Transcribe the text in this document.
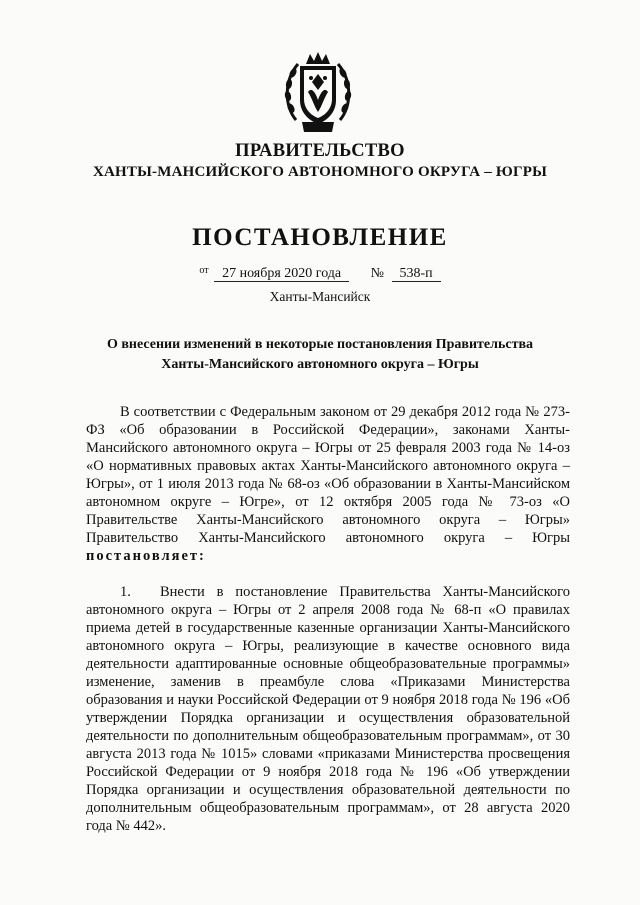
ПРАВИТЕЛЬСТВО
ХАНТЫ-МАНСИЙСКОГО АВТОНОМНОГО ОКРУГА – ЮГРЫ
ПОСТАНОВЛЕНИЕ
$^{от}$ 27 ноября 2020 года № 538-п
Ханты-Мансийск
О внесении изменений в некоторые постановления Правительства
Ханты-Мансийского автономного округа – Югры

В соответствии с Федеральным законом от 29 декабря 2012 года № 273-ФЗ «Об образовании в Российской Федерации», законами Ханты-Мансийского автономного округа – Югры от 25 февраля 2003 года № 14-оз «О нормативных правовых актах Ханты-Мансийского автономного округа – Югры», от 1 июля 2013 года № 68-оз «Об образовании в Ханты-Мансийском автономном округе – Югре», от 12 октября 2005 года № 73-оз «О Правительстве Ханты-Мансийского автономного округа – Югры» Правительство Ханты-Мансийского автономного округа – Югры постановляет:

1. Внести в постановление Правительства Ханты-Мансийского автономного округа – Югры от 2 апреля 2008 года № 68-п «О правилах приема детей в государственные казенные организации Ханты-Мансийского автономного округа – Югры, реализующие в качестве основного вида деятельности адаптированные основные общеобразовательные программы» изменение, заменив в преамбуле слова «Приказами Министерства образования и науки Российской Федерации от 9 ноября 2018 года № 196 «Об утверждении Порядка организации и осуществления образовательной деятельности по дополнительным общеобразовательным программам», от 30 августа 2013 года № 1015» словами «приказами Министерства просвещения Российской Федерации от 9 ноября 2018 года № 196 «Об утверждении Порядка организации и осуществления образовательной деятельности по дополнительным общеобразовательным программам», от 28 августа 2020 года № 442».
